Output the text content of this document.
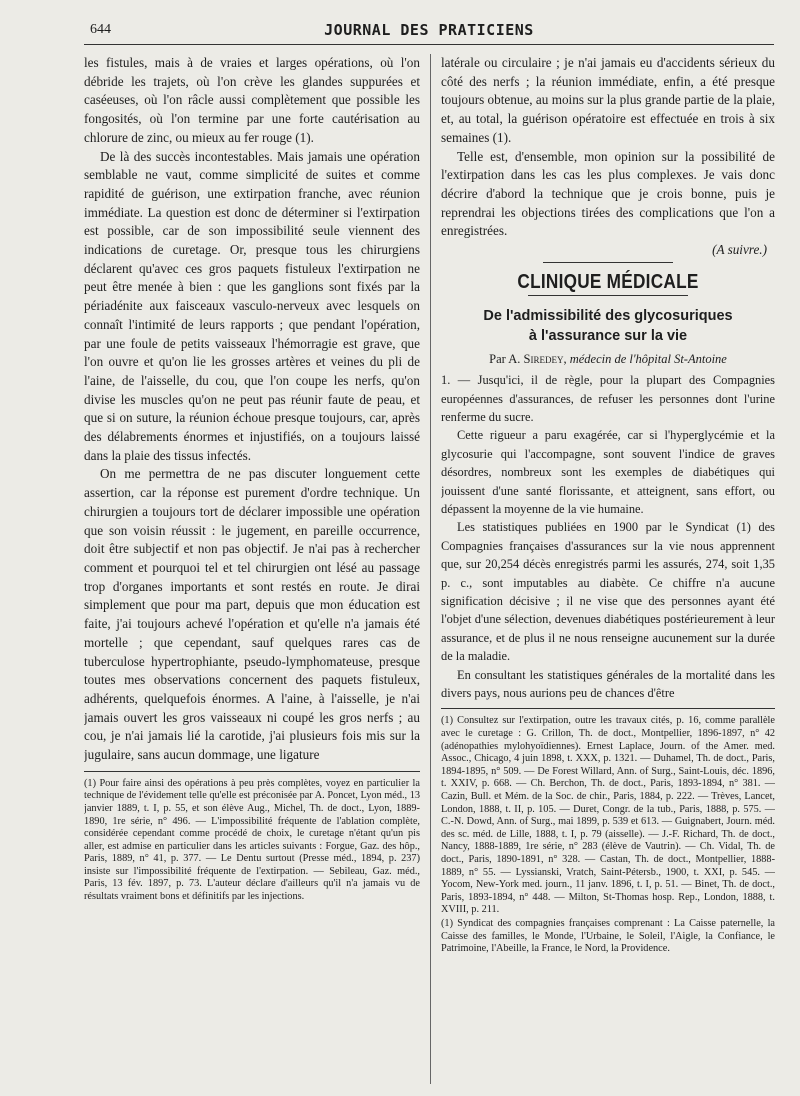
644	JOURNAL DES PRATICIENS

les fistules, mais à de vraies et larges opérations, où l'on débride les trajets, où l'on crève les glandes suppurées et caséeuses, où l'on râcle aussi complètement que possible les fongosités, où l'on termine par une forte cautérisation au chlorure de zinc, ou mieux au fer rouge (1).

De là des succès incontestables. Mais jamais une opération semblable ne vaut, comme simplicité de suites et comme rapidité de guérison, une extirpation franche, avec réunion immédiate. La question est donc de déterminer si l'extirpation est possible, car de son impossibilité seule viennent des indications de curetage. Or, presque tous les chirurgiens déclarent qu'avec ces gros paquets fistuleux l'extirpation ne peut être menée à bien : que les ganglions sont fixés par la périadénite aux faisceaux vasculo-nerveux avec lesquels on connaît l'intimité de leurs rapports ; que pendant l'opération, par une foule de petits vaisseaux l'hémorragie est grave, que l'on ouvre et qu'on lie les grosses artères et veines du pli de l'aine, de l'aisselle, du cou, que l'on coupe les nerfs, qu'on divise les muscles qu'on ne peut pas réunir faute de peau, et que si on suture, la réunion échoue presque toujours, car, après des délabrements énormes et injustifiés, on a toujours laissé dans la plaie des tissus infectés.

On me permettra de ne pas discuter longuement cette assertion, car la réponse est purement d'ordre technique. Un chirurgien a toujours tort de déclarer impossible une opération que son voisin réussit : le jugement, en pareille occurrence, doit être subjectif et non pas objectif. Je n'ai pas à rechercher comment et pourquoi tel et tel chirurgien ont lésé au passage trop d'organes importants et sont restés en route. Je dirai simplement que pour ma part, depuis que mon éducation est faite, j'ai toujours achevé l'opération et qu'elle n'a jamais été mortelle ; que cependant, sauf quelques rares cas de tuberculose hypertrophiante, pseudo-lymphomateuse, presque toutes mes observations concernent des paquets fistuleux, adhérents, quelquefois énormes. A l'aine, à l'aisselle, je n'ai jamais ouvert les gros vaisseaux ni coupé les gros nerfs ; au cou, je n'ai jamais lié la carotide, j'ai plusieurs fois mis sur la jugulaire, sans aucun dommage, une ligature

(1) Pour faire ainsi des opérations à peu près complètes, voyez en particulier la technique de l'évidement telle qu'elle est préconisée par A. Poncet, Lyon méd., 13 janvier 1889, t. I, p. 55, et son élève Aug., Michel, Th. de doct., Lyon, 1889-1890, 1re série, n° 496. — L'impossibilité fréquente de l'ablation complète, considérée cependant comme procédé de choix, le curetage n'étant qu'un pis aller, est admise en particulier dans les articles suivants : Forgue, Gaz. des hôp., Paris, 1889, n° 41, p. 377. — Le Dentu surtout (Presse méd., 1894, p. 237) insiste sur l'impossibilité fréquente de l'extirpation. — Sebileau, Gaz. méd., Paris, 13 fév. 1897, p. 73. L'auteur déclare d'ailleurs qu'il n'a jamais vu de résultats vraiment bons et définitifs par les injections.

latérale ou circulaire ; je n'ai jamais eu d'accidents sérieux du côté des nerfs ; la réunion immédiate, enfin, a été presque toujours obtenue, au moins sur la plus grande partie de la plaie, et, au total, la guérison opératoire est effectuée en trois à six semaines (1).

Telle est, d'ensemble, mon opinion sur la possibilité de l'extirpation dans les cas les plus complexes. Je vais donc décrire d'abord la technique que je crois bonne, puis je reprendrai les objections tirées des complications que l'on a enregistrées.

(A suivre.)

CLINIQUE MÉDICALE
De l'admissibilité des glycosuriques
à l'assurance sur la vie
Par A. Siredey, médecin de l'hôpital St-Antoine

1. — Jusqu'ici, il de règle, pour la plupart des Compagnies européennes d'assurances, de refuser les personnes dont l'urine renferme du sucre.

Cette rigueur a paru exagérée, car si l'hyperglycémie et la glycosurie qui l'accompagne, sont souvent l'indice de graves désordres, nombreux sont les exemples de diabétiques qui jouissent d'une santé florissante, et atteignent, sans effort, ou dépassent la moyenne de la vie humaine.

Les statistiques publiées en 1900 par le Syndicat (1) des Compagnies françaises d'assurances sur la vie nous apprennent que, sur 20,254 décès enregistrés parmi les assurés, 274, soit 1,35 p. c., sont imputables au diabète. Ce chiffre n'a aucune signification décisive ; il ne vise que des personnes ayant été l'objet d'une sélection, devenues diabétiques postérieurement à leur assurance, et de plus il ne nous renseigne aucunement sur la durée de la maladie.

En consultant les statistiques générales de la mortalité dans les divers pays, nous aurions peu de chances d'être

(1) Consultez sur l'extirpation, outre les travaux cités, p. 16, comme parallèle avec le curetage : G. Crillon, Th. de doct., Montpellier, 1896-1897, n° 42 (adénopathies mylohyoïdiennes). Ernest Laplace, Journ. of the Amer. med. Assoc., Chicago, 4 juin 1898, t. XXX, p. 1321. — Duhamel, Th. de doct., Paris, 1894-1895, n° 509. — De Forest Willard, Ann. of Surg., Saint-Louis, déc. 1896, t. XXIV, p. 668. — Ch. Berchon, Th. de doct., Paris, 1893-1894, n° 381. — Cazin, Bull. et Mém. de la Soc. de chir., Paris, 1884, p. 222. — Trèves, Lancet, London, 1888, t. II, p. 105. — Duret, Congr. de la tub., Paris, 1888, p. 575. — C.-N. Dowd, Ann. of Surg., mai 1899, p. 539 et 613. — Guignabert, Journ. méd. des sc. méd. de Lille, 1888, t. I, p. 79 (aisselle). — J.-F. Richard, Th. de doct., Nancy, 1888-1889, 1re série, n° 283 (élève de Vautrin). — Ch. Vidal, Th. de doct., Paris, 1890-1891, n° 328. — Castan, Th. de doct., Montpellier, 1888-1889, n° 55. — Lyssianski, Vratch, Saint-Pétersb., 1900, t. XXI, p. 545. — Yocom, New-York med. journ., 11 janv. 1896, t. I, p. 51. — Binet, Th. de doct., Paris, 1893-1894, n° 448. — Milton, St-Thomas hosp. Rep., London, 1888, t. XVIII, p. 211.

(1) Syndicat des compagnies françaises comprenant : La Caisse paternelle, la Caisse des familles, le Monde, l'Urbaine, le Soleil, l'Aigle, la Confiance, le Patrimoine, l'Abeille, la France, le Nord, la Providence.
